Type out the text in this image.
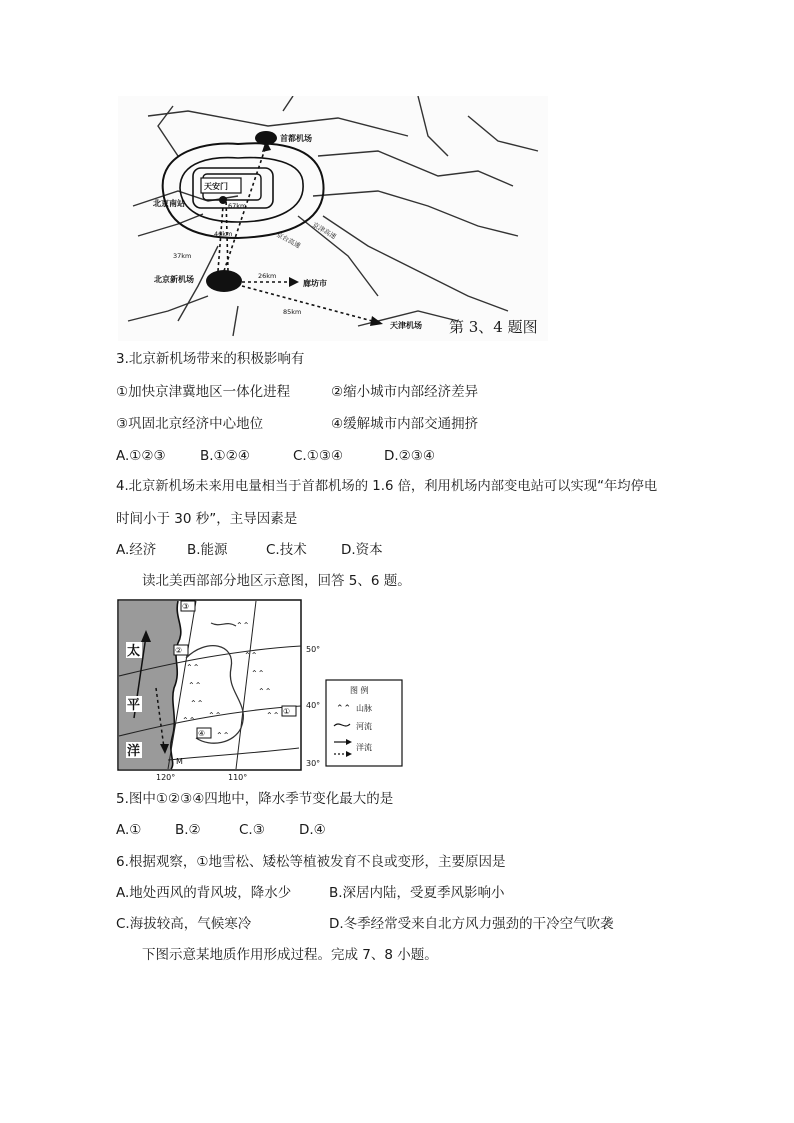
首都机场
天安门
北京南站
北京新机场	廊坊市
天津机场
67km
46km
37km
26km
85km
京台高速 京津高速
第 3、4 题图
3.北京新机场带来的积极影响有
①加快京津冀地区一体化进程	②缩小城市内部经济差异
③巩固北京经济中心地位	④缓解城市内部交通拥挤
A.①②③	B.①②④	C.①③④	D.②③④
4.北京新机场未来用电量相当于首都机场的 1.6 倍，利用机场内部变电站可以实现“年均停电
时间小于 30 秒”，主导因素是
A.经济 B.能源	C.技术	D.资本
读北美西部部分地区示意图，回答 5、6 题。
⌃⌃
⌃⌃
⌃⌃
⌃⌃
⌃⌃
⌃⌃
⌃⌃
⌃⌃
⌃⌃
⌃⌃
⌃⌃
③
②
①
④
太
平
洋
M
50°
40°
30°
120°	110°
图 例
⌃⌃ 山脉
河流
洋流
5.图中①②③④四地中，降水季节变化最大的是
A.① B.②	C.③	D.④
6.根据观察，①地雪松、矮松等植被发育不良或变形，主要原因是
A.地处西风的背风坡，降水少	B.深居内陆，受夏季风影响小
C.海拔较高，气候寒冷	D.冬季经常受来自北方风力强劲的干冷空气吹袭
下图示意某地质作用形成过程。完成 7、8 小题。
